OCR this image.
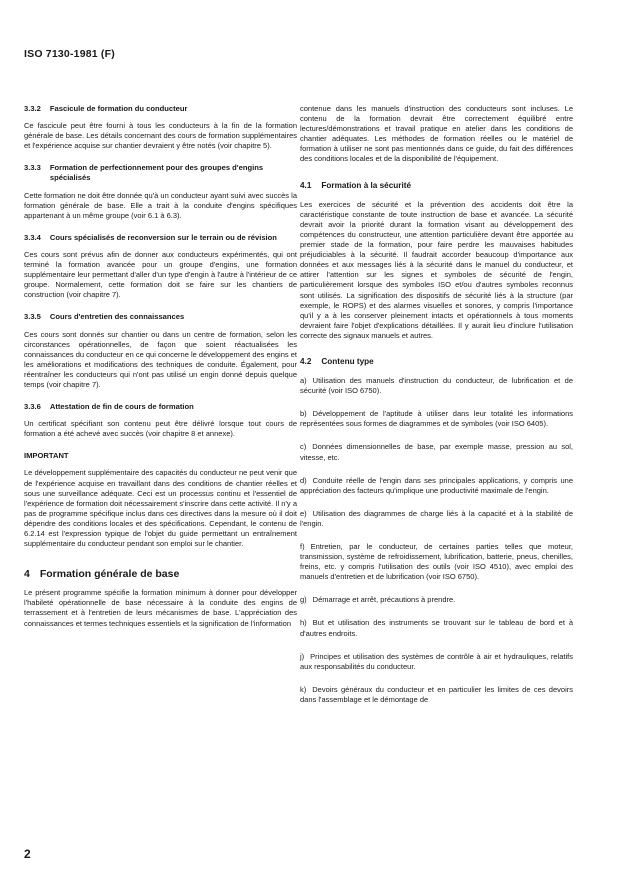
ISO 7130-1981 (F)
3.3.2 Fascicule de formation du conducteur

Ce fascicule peut être fourni à tous les conducteurs à la fin de la formation générale de base. Les détails concernant des cours de formation supplémentaires et l'expérience acquise sur chantier devraient y être notés (voir chapitre 5).

3.3.3 Formation de perfectionnement pour des groupes d'engins spécialisés

Cette formation ne doit être donnée qu'à un conducteur ayant suivi avec succès la formation générale de base. Elle a trait à la conduite d'engins spécifiques appartenant à un même groupe (voir 6.1 à 6.3).

3.3.4 Cours spécialisés de reconversion sur le terrain ou de révision

Ces cours sont prévus afin de donner aux conducteurs expérimentés, qui ont terminé la formation avancée pour un groupe d'engins, une formation supplémentaire leur permettant d'aller d'un type d'engin à l'autre à l'intérieur de ce groupe. Normalement, cette formation doit se faire sur les chantiers de construction (voir chapitre 7).

3.3.5 Cours d'entretien des connaissances

Ces cours sont donnés sur chantier ou dans un centre de formation, selon les circonstances opérationnelles, de façon que soient réactualisées les connaissances du conducteur en ce qui concerne le développement des engins et les améliorations et modifications des techniques de conduite. Également, pour réentraîner les conducteurs qui n'ont pas utilisé un engin donné depuis quelque temps (voir chapitre 7).

3.3.6 Attestation de fin de cours de formation

Un certificat spécifiant son contenu peut être délivré lorsque tout cours de formation a été achevé avec succès (voir chapitre 8 et annexe).

IMPORTANT

Le développement supplémentaire des capacités du conducteur ne peut venir que de l'expérience acquise en travaillant dans des conditions de chantier réelles et sous une surveillance adéquate. Ceci est un processus continu et l'essentiel de l'expérience de formation doit nécessairement s'inscrire dans cette activité. Il n'y a pas de programme spécifique inclus dans ces directives dans la mesure où il doit dépendre des conditions locales et des spécifications. Cependant, le contenu de 6.2.14 est l'expression typique de l'objet du guide permettant un entraînement supplémentaire du conducteur pendant son emploi sur le chantier.

4 Formation générale de base

Le présent programme spécifie la formation minimum à donner pour développer l'habileté opérationnelle de base nécessaire à la conduite des engins de terrassement et à l'entretien de leurs mécanismes de base. L'appréciation des connaissances et termes techniques essentiels et la signification de l'information

contenue dans les manuels d'instruction des conducteurs sont incluses. Le contenu de la formation devrait être correctement équilibré entre lectures/démonstrations et travail pratique en atelier dans les conditions de chantier adéquates. Les méthodes de formation réelles ou le matériel de formation à utiliser ne sont pas mentionnés dans ce guide, du fait des différences des conditions locales et de la disponibilité de l'équipement.

4.1 Formation à la sécurité

Les exercices de sécurité et la prévention des accidents doit être la caractéristique constante de toute instruction de base et avancée. La sécurité devrait avoir la priorité durant la formation visant au développement des compétences du constructeur, une attention particulière devant être apportée au premier stade de la formation, pour faire perdre les mauvaises habitudes préjudiciables à la sécurité. Il faudrait accorder beaucoup d'importance aux données et aux messages liés à la sécurité dans le manuel du conducteur, et attirer l'attention sur les signes et symboles de sécurité de l'engin, particulièrement lorsque des symboles ISO et/ou d'autres symboles reconnus sont utilisés. La signification des dispositifs de sécurité liés à la structure (par exemple, le ROPS) et des alarmes visuelles et sonores, y compris l'importance qu'il y a à les conserver pleinement intacts et opérationnels à tous moments devraient faire l'objet d'explications détaillées. Il y aurait lieu d'inclure l'utilisation correcte des signaux manuels et autres.

4.2 Contenu type
a) Utilisation des manuels d'instruction du conducteur, de lubrification et de sécurité (voir ISO 6750).
b) Développement de l'aptitude à utiliser dans leur totalité les informations représentées sous formes de diagrammes et de symboles (voir ISO 6405).
c) Données dimensionnelles de base, par exemple masse, pression au sol, vitesse, etc.
d) Conduite réelle de l'engin dans ses principales applications, y compris une appréciation des facteurs qu'implique une productivité maximale de l'engin.
e) Utilisation des diagrammes de charge liés à la capacité et à la stabilité de l'engin.
f) Entretien, par le conducteur, de certaines parties telles que moteur, transmission, système de refroidissement, lubrification, batterie, pneus, chenilles, freins, etc. y compris l'utilisation des outils (voir ISO 4510), avec emploi des manuels d'entretien et de lubrification (voir ISO 6750).
g) Démarrage et arrêt, précautions à prendre.
h) But et utilisation des instruments se trouvant sur le tableau de bord et à d'autres endroits.
j) Principes et utilisation des systèmes de contrôle à air et hydrauliques, relatifs aux responsabilités du conducteur.
k) Devoirs généraux du conducteur et en particulier les limites de ces devoirs dans l'assemblage et le démontage de
2
